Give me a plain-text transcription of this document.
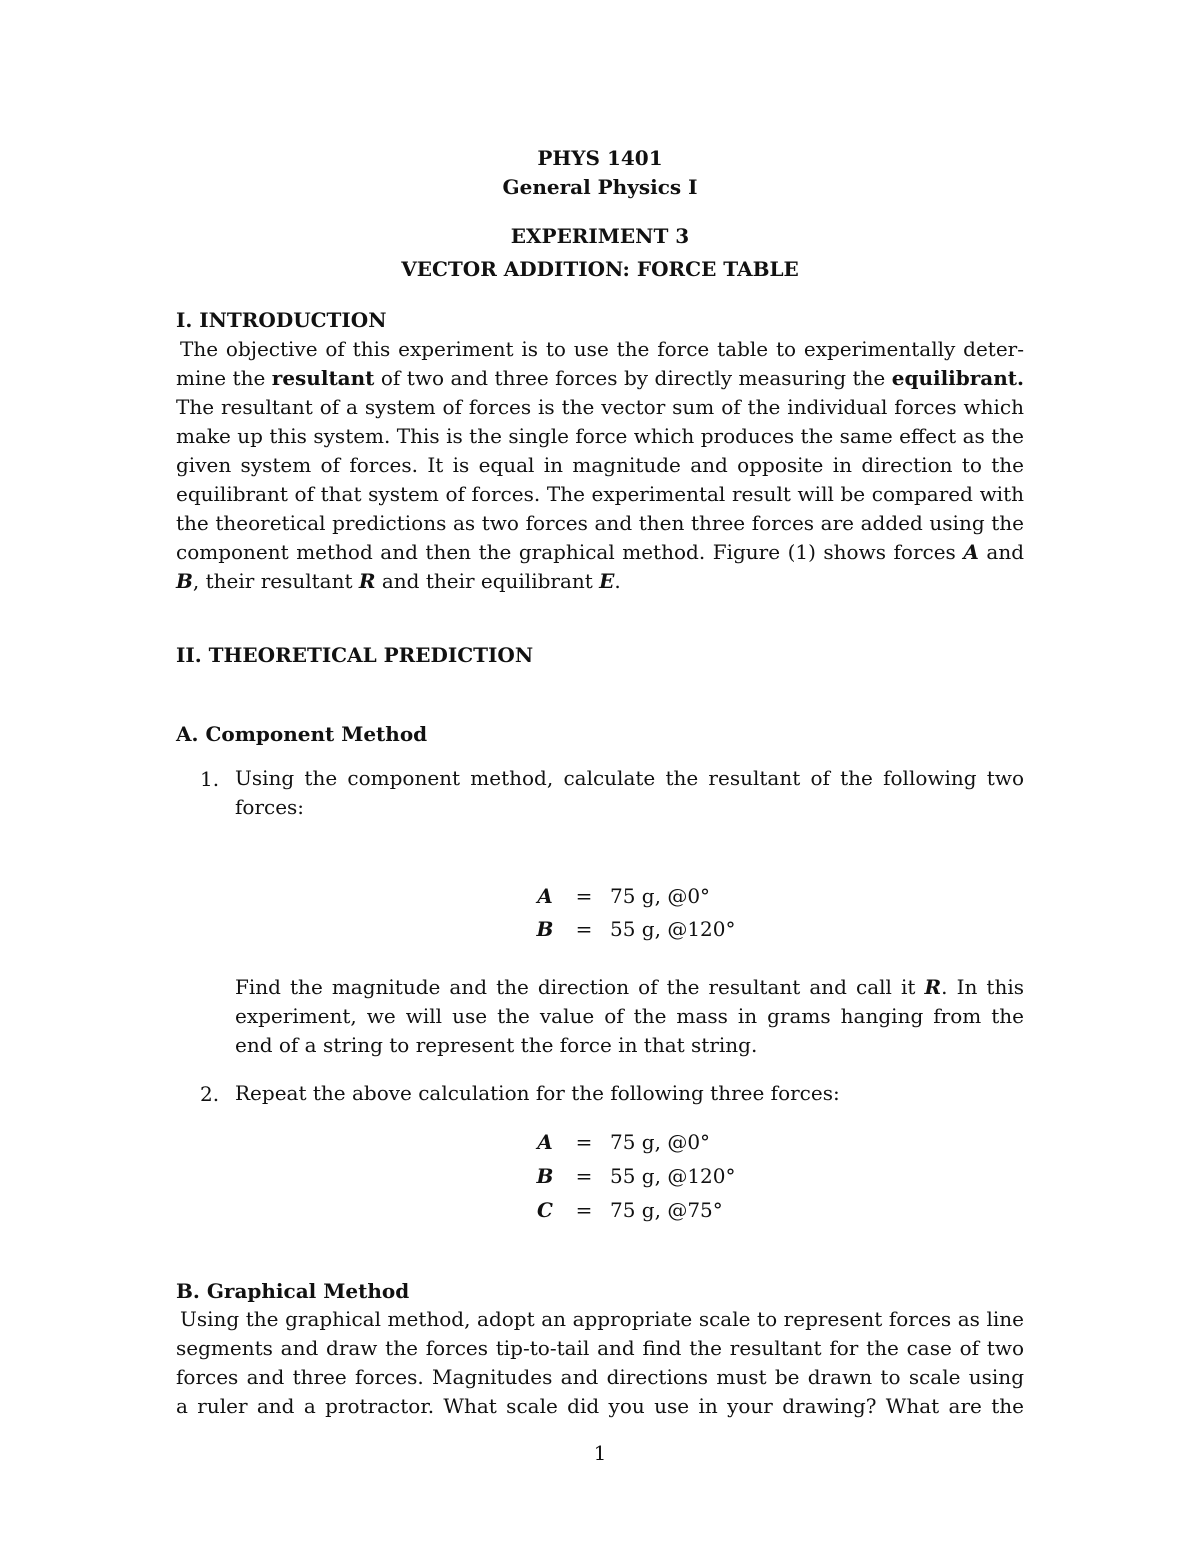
PHYS 1401
General Physics I
EXPERIMENT 3
VECTOR ADDITION: FORCE TABLE
I. INTRODUCTION
The objective of this experiment is to use the force table to experimentally deter-
mine the resultant of two and three forces by directly measuring the equilibrant.
The resultant of a system of forces is the vector sum of the individual forces which
make up this system. This is the single force which produces the same effect as the
given system of forces. It is equal in magnitude and opposite in direction to the
equilibrant of that system of forces. The experimental result will be compared with
the theoretical predictions as two forces and then three forces are added using the
component method and then the graphical method. Figure (1) shows forces A and
B, their resultant R and their equilibrant E.
II. THEORETICAL PREDICTION
A. Component Method
1. Using the component method, calculate the resultant of the following two
forces:
A = 75 g, @0°
B = 55 g, @120°
Find the magnitude and the direction of the resultant and call it R. In this
experiment, we will use the value of the mass in grams hanging from the
end of a string to represent the force in that string.
2. Repeat the above calculation for the following three forces:
A = 75 g, @0°
B = 55 g, @120°
C = 75 g, @75°
B. Graphical Method
Using the graphical method, adopt an appropriate scale to represent forces as line
segments and draw the forces tip-to-tail and find the resultant for the case of two
forces and three forces. Magnitudes and directions must be drawn to scale using
a ruler and a protractor. What scale did you use in your drawing? What are the
1
